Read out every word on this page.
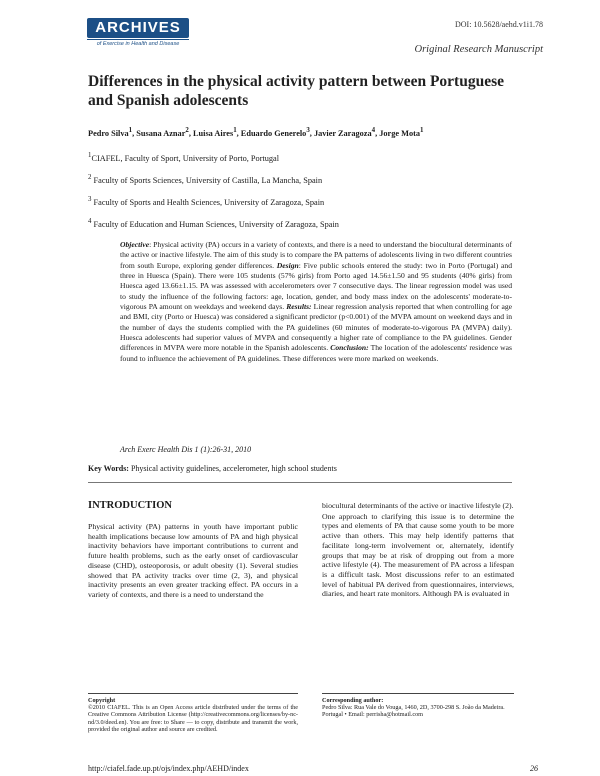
ARCHIVES
of Exercise in Health and Disease
DOI: 10.5628/aehd.v1i1.78
Original Research Manuscript
Differences in the physical activity pattern between Portuguese and Spanish adolescents
Pedro Silva$^1$, Susana Aznar$^2$, Luisa Aires$^1$, Eduardo Generelo$^3$, Javier Zaragoza$^4$, Jorge Mota$^1$
$^1$CIAFEL, Faculty of Sport, University of Porto, Portugal
$^2$ Faculty of Sports Sciences, University of Castilla, La Mancha, Spain
$^3$ Faculty of Sports and Health Sciences, University of Zaragoza, Spain
$^4$ Faculty of Education and Human Sciences, University of Zaragoza, Spain
Objective: Physical activity (PA) occurs in a variety of contexts, and there is a need to understand the biocultural determinants of the active or inactive lifestyle. The aim of this study is to compare the PA patterns of adolescents living in two different countries from south Europe, exploring gender differences. Design: Five public schools entered the study: two in Porto (Portugal) and three in Huesca (Spain). There were 105 students (57% girls) from Porto aged 14.56±1.50 and 95 students (40% girls) from Huesca aged 13.66±1.15. PA was assessed with accelerometers over 7 consecutive days. The linear regression model was used to study the influence of the following factors: age, location, gender, and body mass index on the adolescents' moderate-to-vigorous PA amount on weekdays and weekend days. Results: Linear regression analysis reported that when controlling for age and BMI, city (Porto or Huesca) was considered a significant predictor (p<0.001) of the MVPA amount on weekend days and in the number of days the students complied with the PA guidelines (60 minutes of moderate-to-vigorous PA (MVPA) daily). Huesca adolescents had superior values of MVPA and consequently a higher rate of compliance to the PA guidelines. Gender differences in MVPA were more notable in the Spanish adolescents. Conclusion: The location of the adolescents' residence was found to influence the achievement of PA guidelines. These differences were more marked on weekends.
Arch Exerc Health Dis 1 (1):26-31, 2010
Key Words: Physical activity guidelines, accelerometer, high school students
INTRODUCTION
Physical activity (PA) patterns in youth have important public health implications because low amounts of PA and high physical inactivity behaviors have important contributions to current and future health problems, such as the early onset of cardiovascular disease (CHD), osteoporosis, or adult obesity (1). Several studies showed that PA activity tracks over time (2, 3), and physical inactivity presents an even greater tracking effect. PA occurs in a variety of contexts, and there is a need to understand the
biocultural determinants of the active or inactive lifestyle (2).
One approach to clarifying this issue is to determine the types and elements of PA that cause some youth to be more active than others. This may help identify patterns that facilitate long-term involvement or, alternately, identify groups that may be at risk of dropping out from a more active lifestyle (4). The measurement of PA across a lifespan is a difficult task. Most discussions refer to an estimated level of habitual PA derived from questionnaires, interviews, diaries, and heart rate monitors. Although PA is evaluated in
Copyright
©2010 CIAFEL. This is an Open Access article distributed under the terms of the Creative Commons Attribution License (http://creativecommons.org/licenses/by-nc-nd/3.0/deed.en). You are free: to Share — to copy, distribute and transmit the work, provided the original author and source are credited.
Corresponding author:
Pedro Silva: Rua Vale do Vouga, 1460, 2D, 3700-298 S. João da Madeira. Portugal • Email: perrisha@hotmail.com
http://ciafel.fade.up.pt/ojs/index.php/AEHD/index	26
